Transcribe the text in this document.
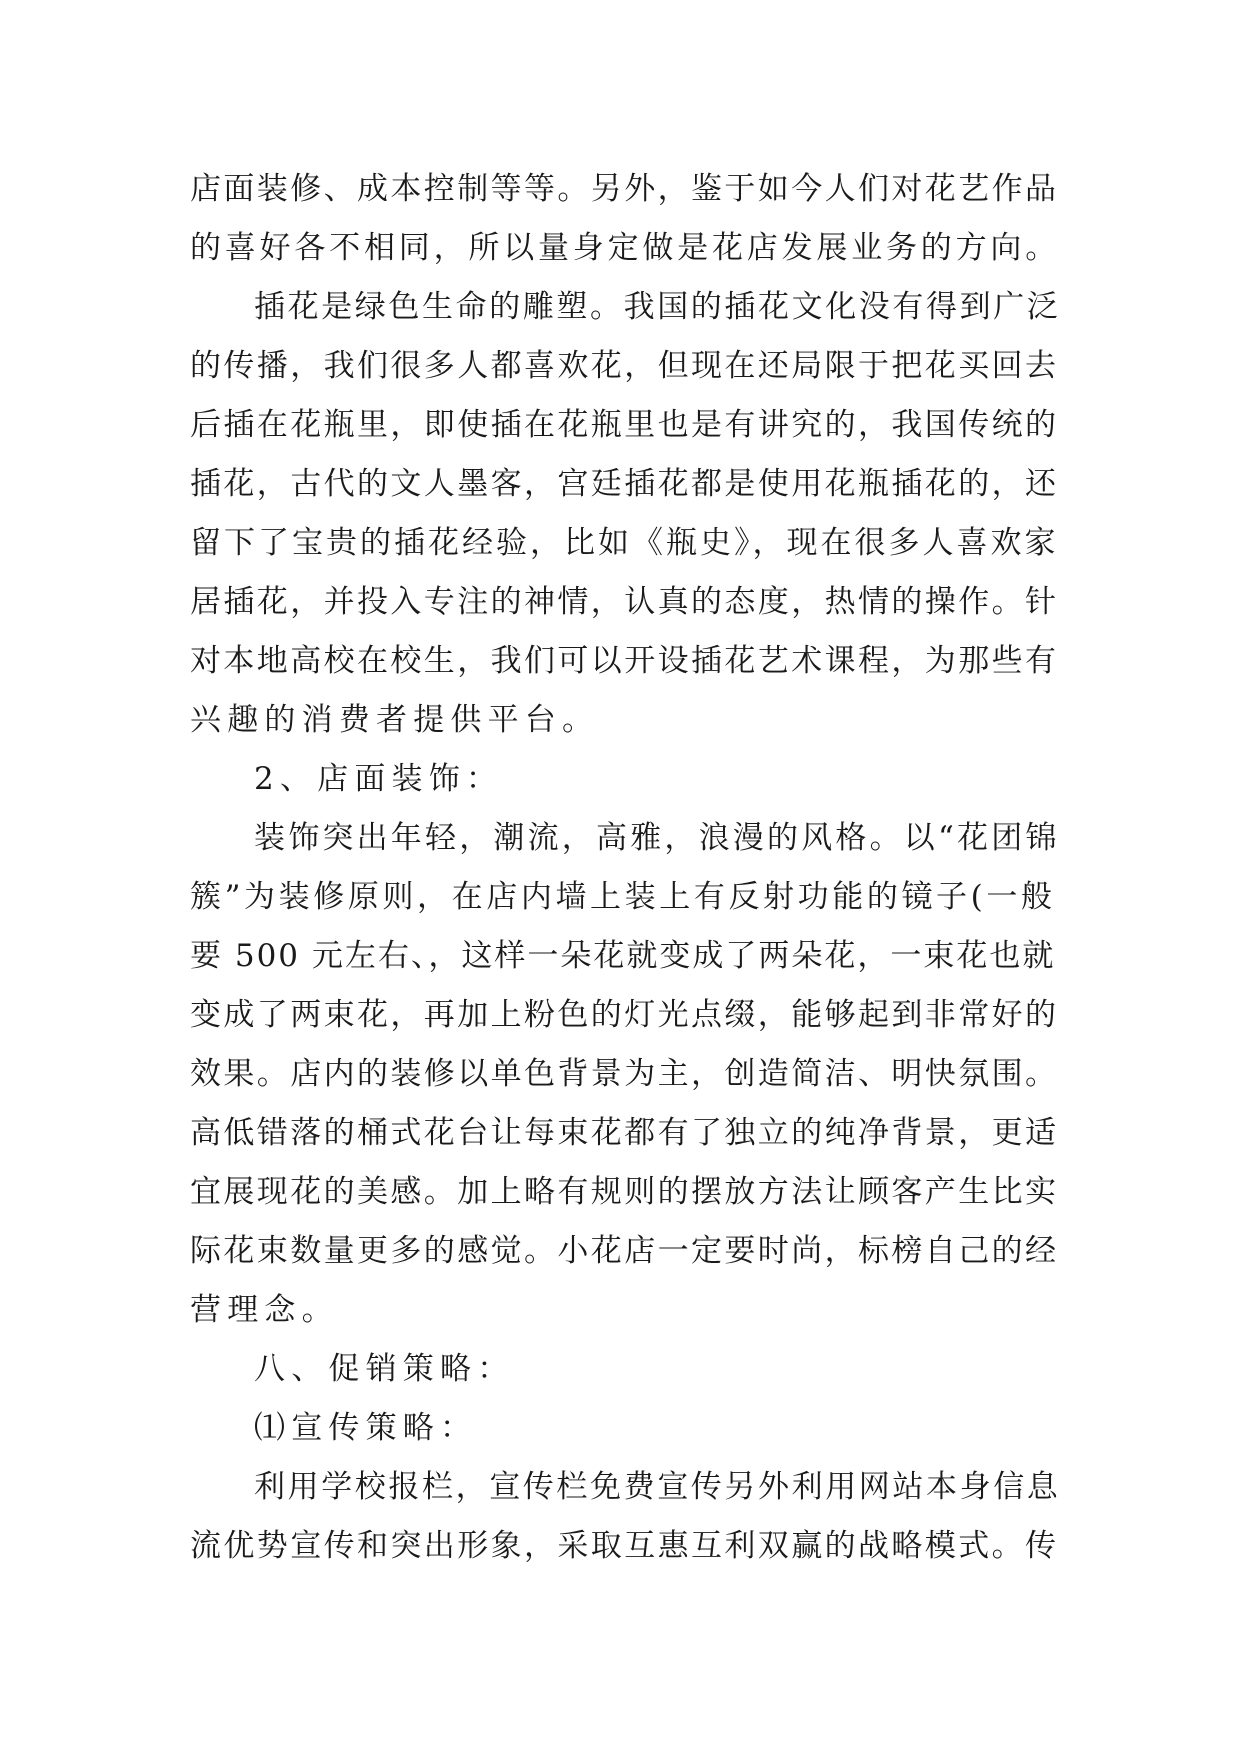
店面装修、成本控制等等。另外，鉴于如今人们对花艺作品
的喜好各不相同，所以量身定做是花店发展业务的方向。
插花是绿色生命的雕塑。我国的插花文化没有得到广泛
的传播，我们很多人都喜欢花，但现在还局限于把花买回去
后插在花瓶里，即使插在花瓶里也是有讲究的，我国传统的
插花，古代的文人墨客，宫廷插花都是使用花瓶插花的，还
留下了宝贵的插花经验，比如《瓶史》，现在很多人喜欢家
居插花，并投入专注的神情，认真的态度，热情的操作。针
对本地高校在校生，我们可以开设插花艺术课程，为那些有
兴趣的消费者提供平台。
2、店面装饰：
装饰突出年轻，潮流，高雅，浪漫的风格。以“花团锦
簇”为装修原则，在店内墙上装上有反射功能的镜子(一般
要 500 元左右、，这样一朵花就变成了两朵花，一束花也就
变成了两束花，再加上粉色的灯光点缀，能够起到非常好的
效果。店内的装修以单色背景为主，创造简洁、明快氛围。
高低错落的桶式花台让每束花都有了独立的纯净背景，更适
宜展现花的美感。加上略有规则的摆放方法让顾客产生比实
际花束数量更多的感觉。小花店一定要时尚，标榜自己的经
营理念。
八、促销策略：
⑴宣传策略：
利用学校报栏，宣传栏免费宣传另外利用网站本身信息
流优势宣传和突出形象，采取互惠互利双赢的战略模式。传
